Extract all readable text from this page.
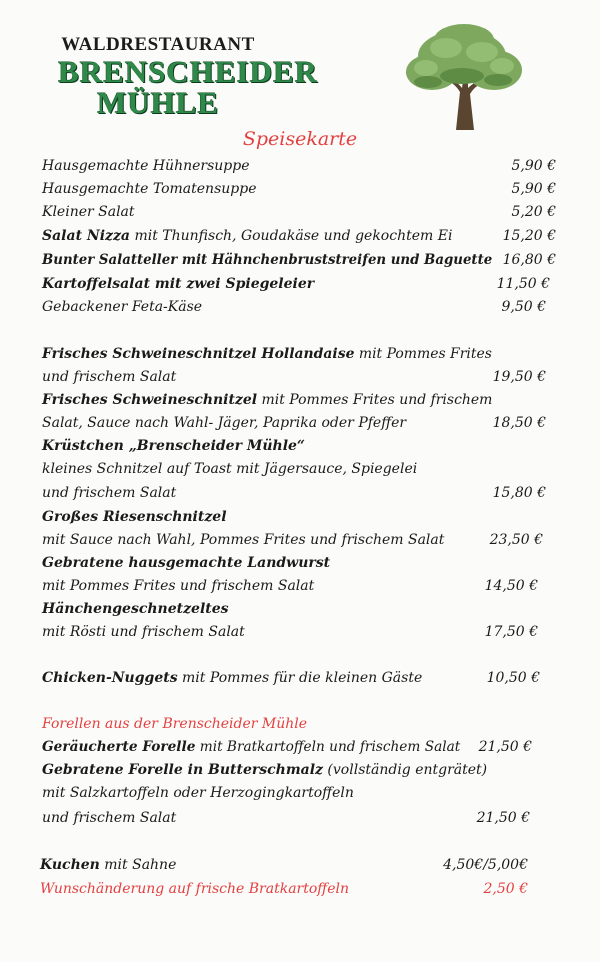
WALDRESTAURANT
BRENSCHEIDER
MÜHLE
Speisekarte
Hausgemachte Hühnersuppe
Hausgemachte Tomatensuppe
Kleiner Salat
Salat Nizza mit Thunfisch, Goudakäse und gekochtem Ei
Bunter Salatteller mit Hähnchenbruststreifen und Baguette
Kartoffelsalat mit zwei Spiegeleier
Gebackener Feta-Käse
Frisches Schweineschnitzel Hollandaise mit Pommes Frites
und frischem Salat
Frisches Schweineschnitzel mit Pommes Frites und frischem
Salat, Sauce nach Wahl- Jäger, Paprika oder Pfeffer
Krüstchen „Brenscheider Mühle“
kleines Schnitzel auf Toast mit Jägersauce, Spiegelei
und frischem Salat
Großes Riesenschnitzel
mit Sauce nach Wahl, Pommes Frites und frischem Salat
Gebratene hausgemachte Landwurst
mit Pommes Frites und frischem Salat
Hänchengeschnetzeltes
mit Rösti und frischem Salat
Chicken-Nuggets mit Pommes für die kleinen Gäste
Forellen aus der Brenscheider Mühle
Geräucherte Forelle mit Bratkartoffeln und frischem Salat
Gebratene Forelle in Butterschmalz (vollständig entgrätet)
mit Salzkartoffeln oder Herzogingkartoffeln
und frischem Salat
Kuchen mit Sahne
Wunschänderung auf frische Bratkartoffeln
5,90 €
5,90 €
5,20 €
15,20 €
16,80 €
11,50 €
9,50 €
19,50 €
18,50 €
15,80 €
23,50 €
14,50 €
17,50 €
10,50 €
21,50 €
21,50 €
4,50€/5,00€
2,50 €
